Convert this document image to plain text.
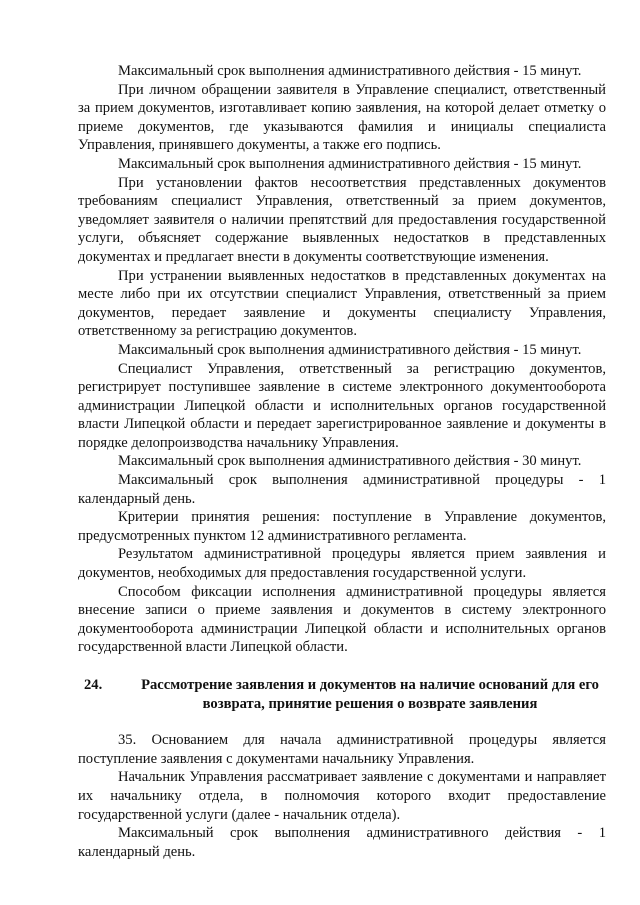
Максимальный срок выполнения административного действия - 15 минут.

При личном обращении заявителя в Управление специалист, ответственный за прием документов, изготавливает копию заявления, на которой делает отметку о приеме документов, где указываются фамилия и инициалы специалиста Управления, принявшего документы, а также его подпись.

Максимальный срок выполнения административного действия - 15 минут.

При установлении фактов несоответствия представленных документов требованиям специалист Управления, ответственный за прием документов, уведомляет заявителя о наличии препятствий для предоставления государственной услуги, объясняет содержание выявленных недостатков в представленных документах и предлагает внести в документы соответствующие изменения.

При устранении выявленных недостатков в представленных документах на месте либо при их отсутствии специалист Управления, ответственный за прием документов, передает заявление и документы специалисту Управления, ответственному за регистрацию документов.

Максимальный срок выполнения административного действия - 15 минут.

Специалист Управления, ответственный за регистрацию документов, регистрирует поступившее заявление в системе электронного документооборота администрации Липецкой области и исполнительных органов государственной власти Липецкой области и передает зарегистрированное заявление и документы в порядке делопроизводства начальнику Управления.

Максимальный срок выполнения административного действия - 30 минут.

Максимальный срок выполнения административной процедуры - 1 календарный день.

Критерии принятия решения: поступление в Управление документов, предусмотренных пунктом 12 административного регламента.

Результатом административной процедуры является прием заявления и документов, необходимых для предоставления государственной услуги.

Способом фиксации исполнения административной процедуры является внесение записи о приеме заявления и документов в систему электронного документооборота администрации Липецкой области и исполнительных органов государственной власти Липецкой области.

24.	Рассмотрение заявления и документов на наличие оснований для его возврата, принятие решения о возврате заявления

35. Основанием для начала административной процедуры является поступление заявления с документами начальнику Управления.

Начальник Управления рассматривает заявление с документами и направляет их начальнику отдела, в полномочия которого входит предоставление государственной услуги (далее - начальник отдела).

Максимальный срок выполнения административного действия - 1 календарный день.
